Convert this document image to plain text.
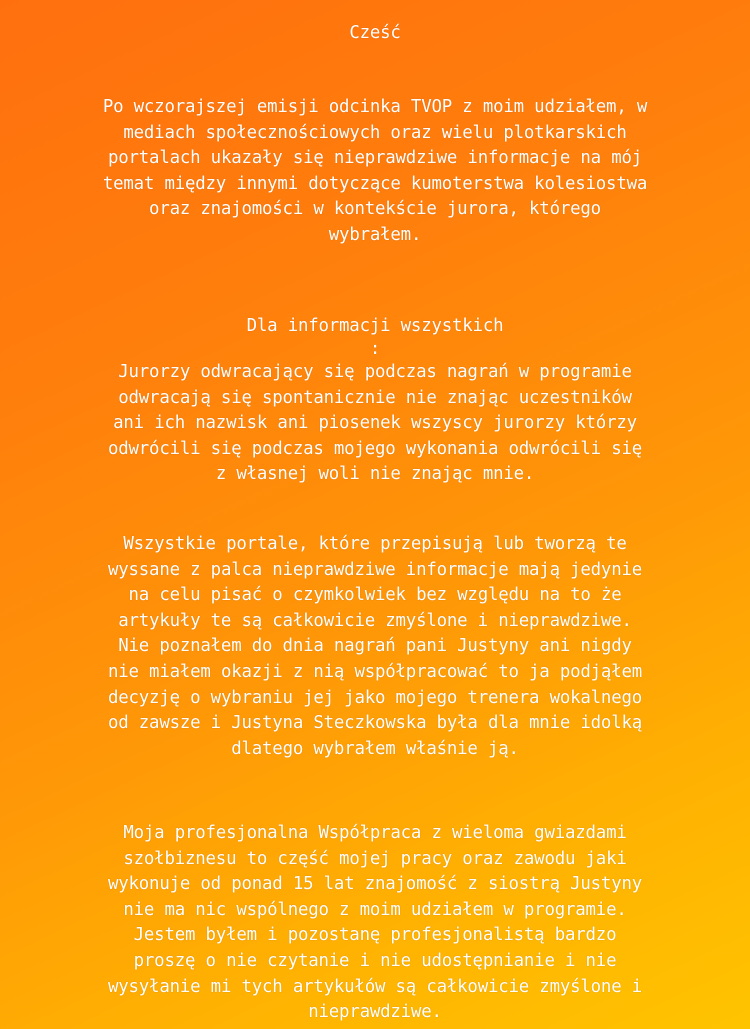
Cześć
Po wczorajszej emisji odcinka TVOP z moim udziałem, w
mediach społecznościowych oraz wielu plotkarskich
portalach ukazały się nieprawdziwe informacje na mój
temat między innymi dotyczące kumoterstwa kolesiostwa
oraz znajomości w kontekście jurora, którego
wybrałem.
Dla informacji wszystkich
:
Jurorzy odwracający się podczas nagrań w programie
odwracają się spontanicznie nie znając uczestników
ani ich nazwisk ani piosenek wszyscy jurorzy którzy
odwrócili się podczas mojego wykonania odwrócili się
z własnej woli nie znając mnie.
Wszystkie portale, które przepisują lub tworzą te
wyssane z palca nieprawdziwe informacje mają jedynie
na celu pisać o czymkolwiek bez względu na to że
artykuły te są całkowicie zmyślone i nieprawdziwe.
Nie poznałem do dnia nagrań pani Justyny ani nigdy
nie miałem okazji z nią współpracować to ja podjąłem
decyzję o wybraniu jej jako mojego trenera wokalnego
od zawsze i Justyna Steczkowska była dla mnie idolką
dlatego wybrałem właśnie ją.
Moja profesjonalna Współpraca z wieloma gwiazdami
szołbiznesu to część mojej pracy oraz zawodu jaki
wykonuje od ponad 15 lat znajomość z siostrą Justyny
nie ma nic wspólnego z moim udziałem w programie.
Jestem byłem i pozostanę profesjonalistą bardzo
proszę o nie czytanie i nie udostępnianie i nie
wysyłanie mi tych artykułów są całkowicie zmyślone i
nieprawdziwe.
